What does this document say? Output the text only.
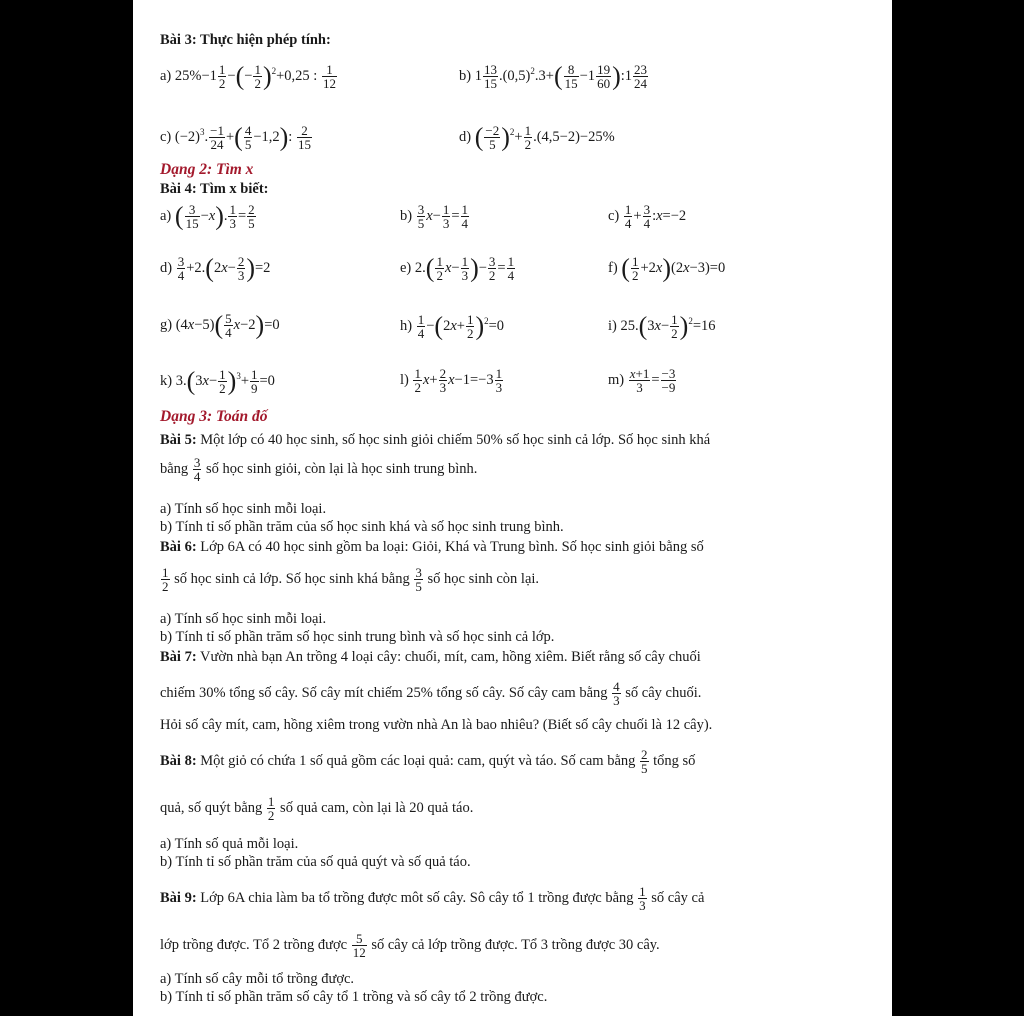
Bài 3: Thực hiện phép tính:
a) $25\%-1 \frac{1}{2}$ −(− $\frac{1}{2} )^2+0,25$ : $\frac{1}{12}$	b) $1 \frac{13}{15} .(0,5)^2.3+( \frac{8}{15} -1 \frac{19}{60}$ ):1 $\frac{23}{24}$
c) $(-2)^3$. $\frac{-1}{24}$ +( $\frac{4}{5} -1,2$): $\frac{2}{15}$	d) ( $\frac{-2}{5} )^2+ \frac{1}{2} .(4,5-2)-25\%$
Dạng 2: Tìm x
Bài 4: Tìm x biết:
a) ( $\frac{3}{15} -x$). $\frac{1}{3} = \frac{2}{5}$	$b) \frac{3}{5} x- \frac{1}{3} = \frac{1}{4}$	$c) \frac{1}{4} + \frac{3}{4}$ :x=−2
$d) \frac{3}{4} +2.(2x- \frac{2}{3} )=2$	e) $2.( \frac{1}{2} x- \frac{1}{3}$ )− $\frac{3}{2} = \frac{1}{4}$	f) ( $\frac{1}{2} +2x)(2x-3)=0$
g) $(4x-5)( \frac{5}{4} x-2)=0$	$h) \frac{1}{4} -(2x+ \frac{1}{2} )^2=0$	i) $25.(3x- \frac{1}{2} )^2=16$
k) $3.(3x- \frac{1}{2} )^3+ \frac{1}{9} =0$	$l) \frac{1}{2} x+ \frac{2}{3} x-1=-3 \frac{1}{3}$	$m) \frac{x+1}{3} = \frac{-3}{-9}$
Dạng 3: Toán đố
Bài 5: Một lớp có 40 học sinh, số học sinh giỏi chiếm 50% số học sinh cả lớp. Số học sinh khá
bằng $\frac{3}{4}$ số học sinh giỏi, còn lại là học sinh trung bình.
a) Tính số học sinh mỗi loại.
b) Tính tỉ số phần trăm của số học sinh khá và số học sinh trung bình.
Bài 6: Lớp 6A có 40 học sinh gồm ba loại: Giỏi, Khá và Trung bình. Số học sinh giỏi bằng số
$\frac{1}{2}$ số học sinh cả lớp. Số học sinh khá bằng $\frac{3}{5}$ số học sinh còn lại.
a) Tính số học sinh mỗi loại.
b) Tính tỉ số phần trăm số học sinh trung bình và số học sinh cả lớp.
Bài 7: Vườn nhà bạn An trồng 4 loại cây: chuối, mít, cam, hồng xiêm. Biết rằng số cây chuối
chiếm 30% tổng số cây. Số cây mít chiếm 25% tổng số cây. Số cây cam bằng $\frac{4}{3}$ số cây chuối.
Hỏi số cây mít, cam, hồng xiêm trong vườn nhà An là bao nhiêu? (Biết số cây chuối là 12 cây).
Bài 8: Một giỏ có chứa 1 số quả gồm các loại quả: cam, quýt và táo. Số cam bằng $\frac{2}{5}$ tổng số
quả, số quýt bằng $\frac{1}{2}$ số quả cam, còn lại là 20 quả táo.
a) Tính số quả mỗi loại.
b) Tính tỉ số phần trăm của số quả quýt và số quả táo.
Bài 9: Lớp 6A chia làm ba tổ trồng được môt số cây. Sô cây tổ 1 trồng được bằng $\frac{1}{3}$ số cây cả
lớp trồng được. Tổ 2 trồng được $\frac{5}{12}$ số cây cả lớp trồng được. Tổ 3 trồng được 30 cây.
a) Tính số cây mỗi tổ trồng được.
b) Tính tỉ số phần trăm số cây tổ 1 trồng và số cây tổ 2 trồng được.
